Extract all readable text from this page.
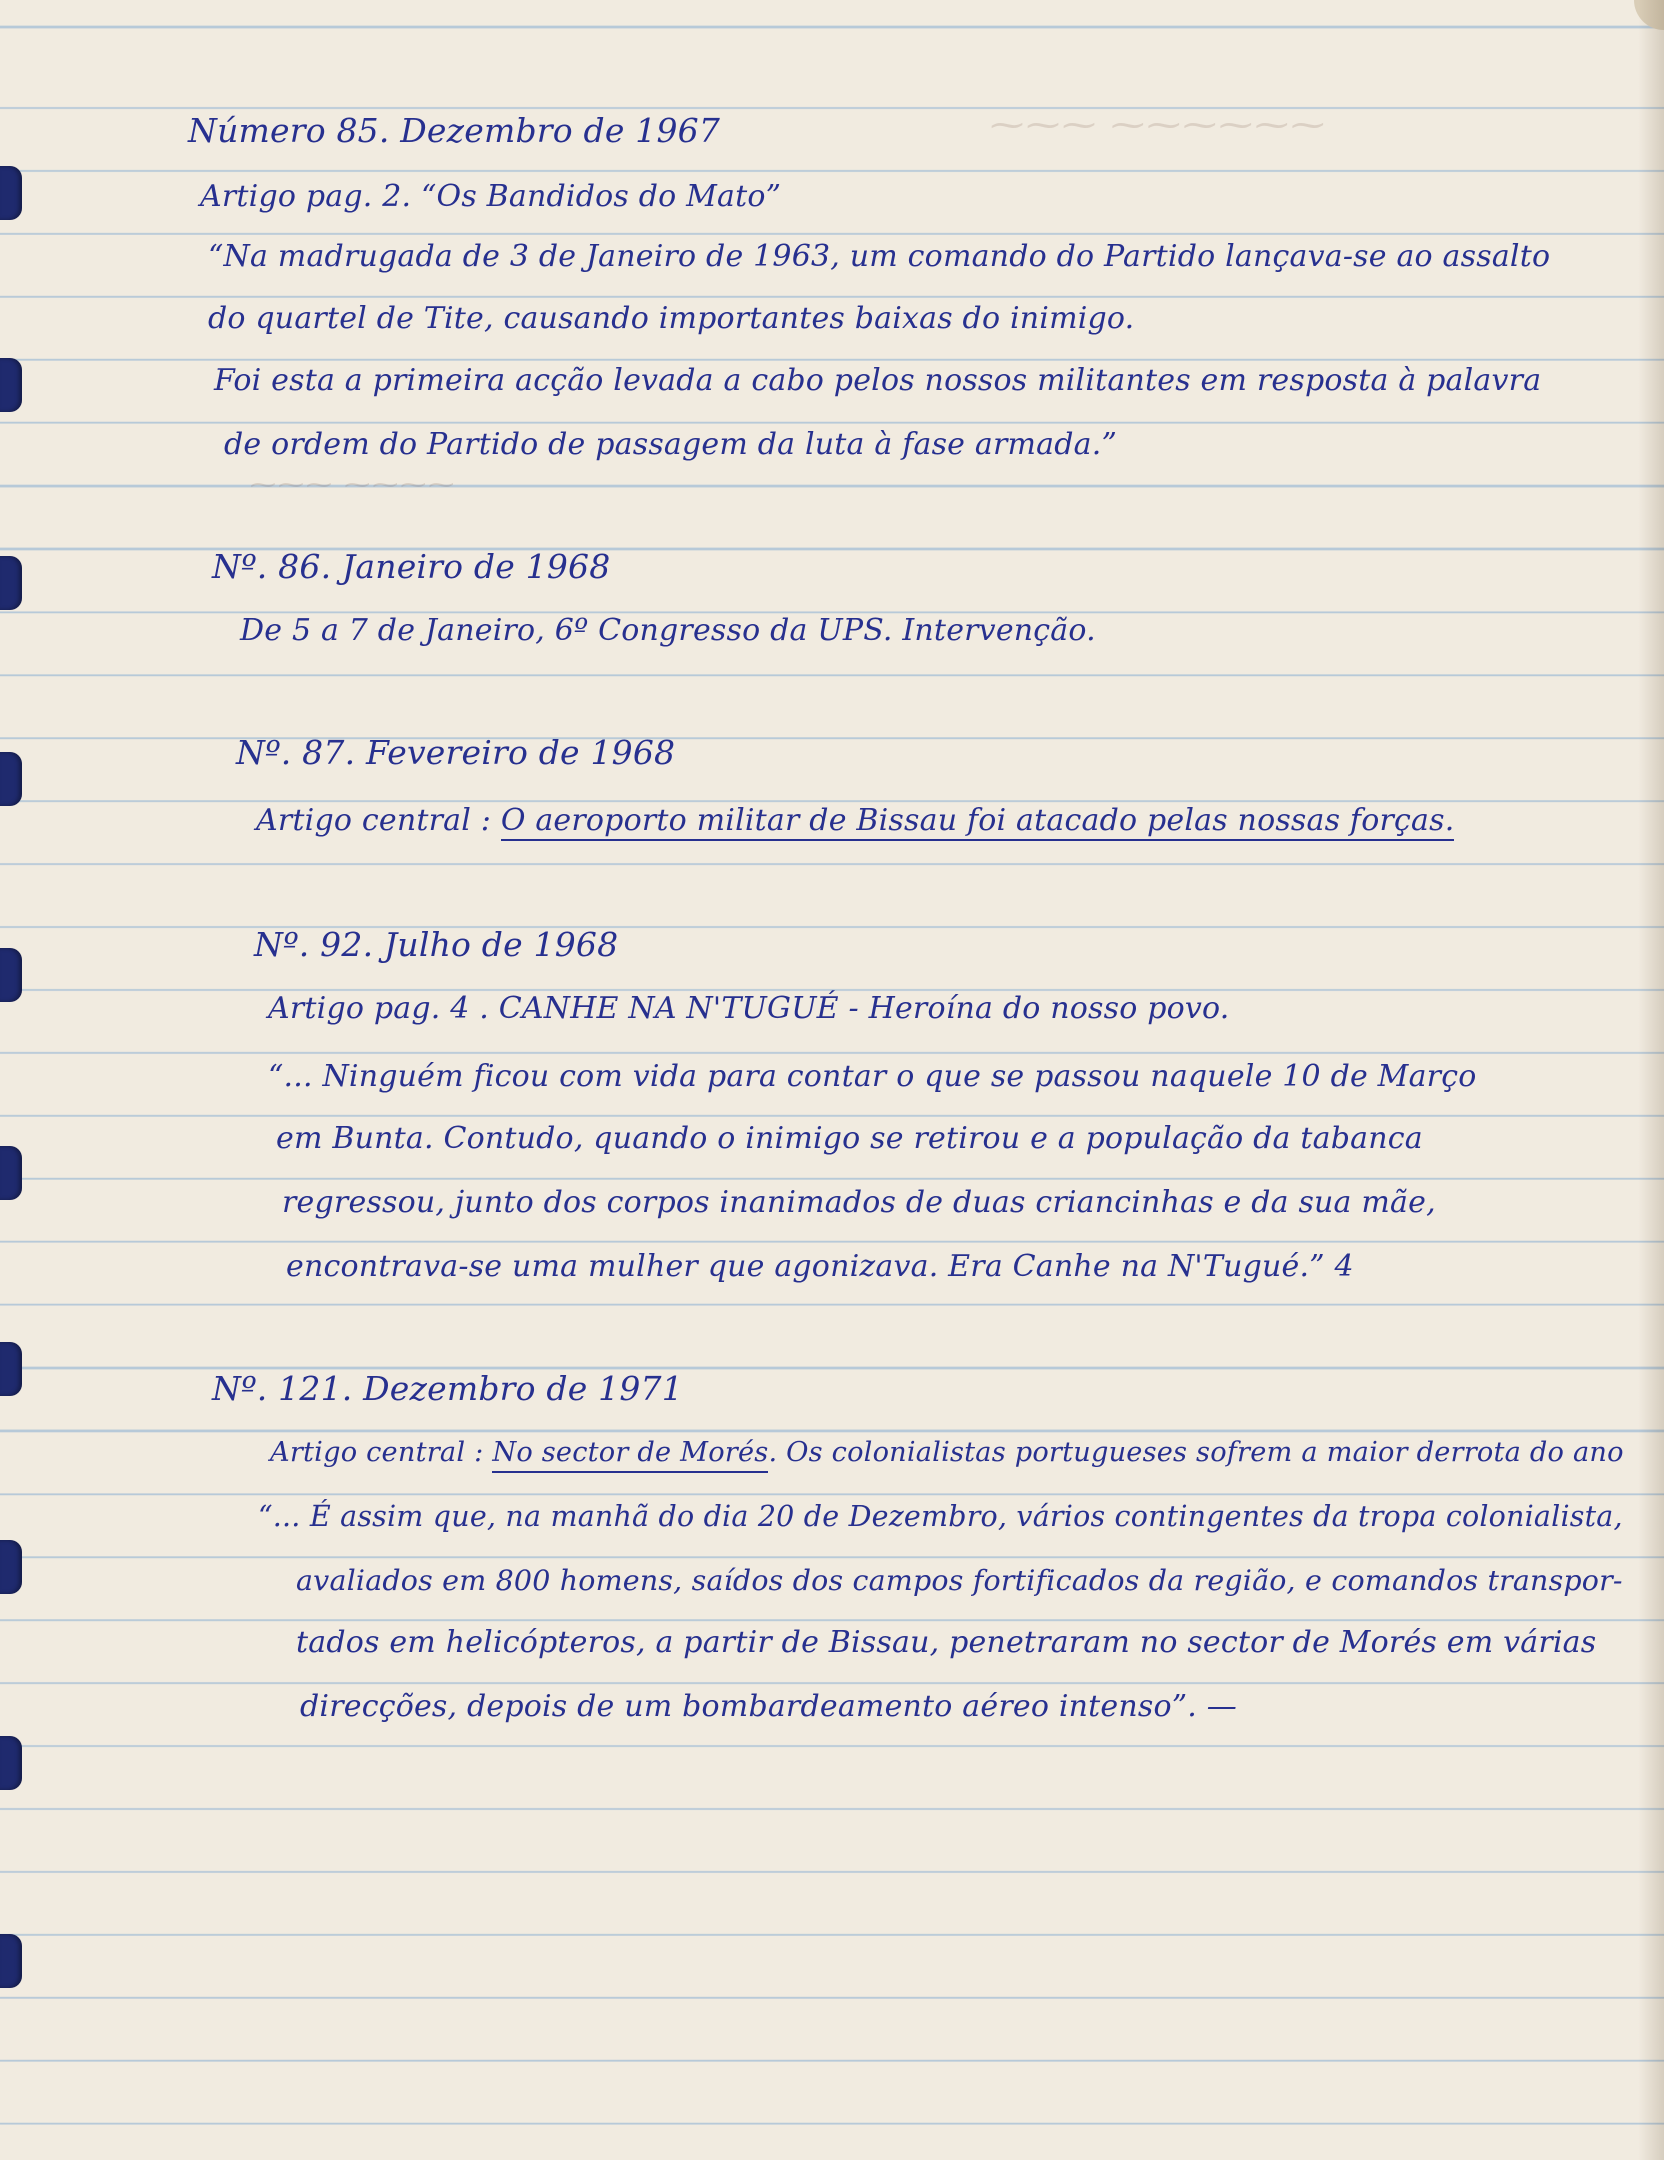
⁓⁓⁓ ⁓⁓⁓⁓⁓⁓
⁓⁓⁓ ⁓⁓⁓⁓
Número 85. Dezembro de 1967
Artigo pag. 2. “Os Bandidos do Mato”
“Na madrugada de 3 de Janeiro de 1963, um comando do Partido lançava-se ao assalto
do quartel de Tite, causando importantes baixas do inimigo.
Foi esta a primeira acção levada a cabo pelos nossos militantes em resposta à palavra
de ordem do Partido de passagem da luta à fase armada.”
Nº. 86. Janeiro de 1968
De 5 a 7 de Janeiro, 6º Congresso da UPS. Intervenção.
Nº. 87. Fevereiro de 1968
Artigo central : O aeroporto militar de Bissau foi atacado pelas nossas forças.
Nº. 92. Julho de 1968
Artigo pag. 4 . CANHE NA N'TUGUÉ - Heroína do nosso povo.
“... Ninguém ficou com vida para contar o que se passou naquele 10 de Março
em Bunta. Contudo, quando o inimigo se retirou e a população da tabanca
regressou, junto dos corpos inanimados de duas criancinhas e da sua mãe,
encontrava-se uma mulher que agonizava. Era Canhe na N'Tugué.” 4
Nº. 121. Dezembro de 1971
Artigo central : No sector de Morés. Os colonialistas portugueses sofrem a maior derrota do ano
“... É assim que, na manhã do dia 20 de Dezembro, vários contingentes da tropa colonialista,
avaliados em 800 homens, saídos dos campos fortificados da região, e comandos transpor-
tados em helicópteros, a partir de Bissau, penetraram no sector de Morés em várias
direcções, depois de um bombardeamento aéreo intenso”. —
